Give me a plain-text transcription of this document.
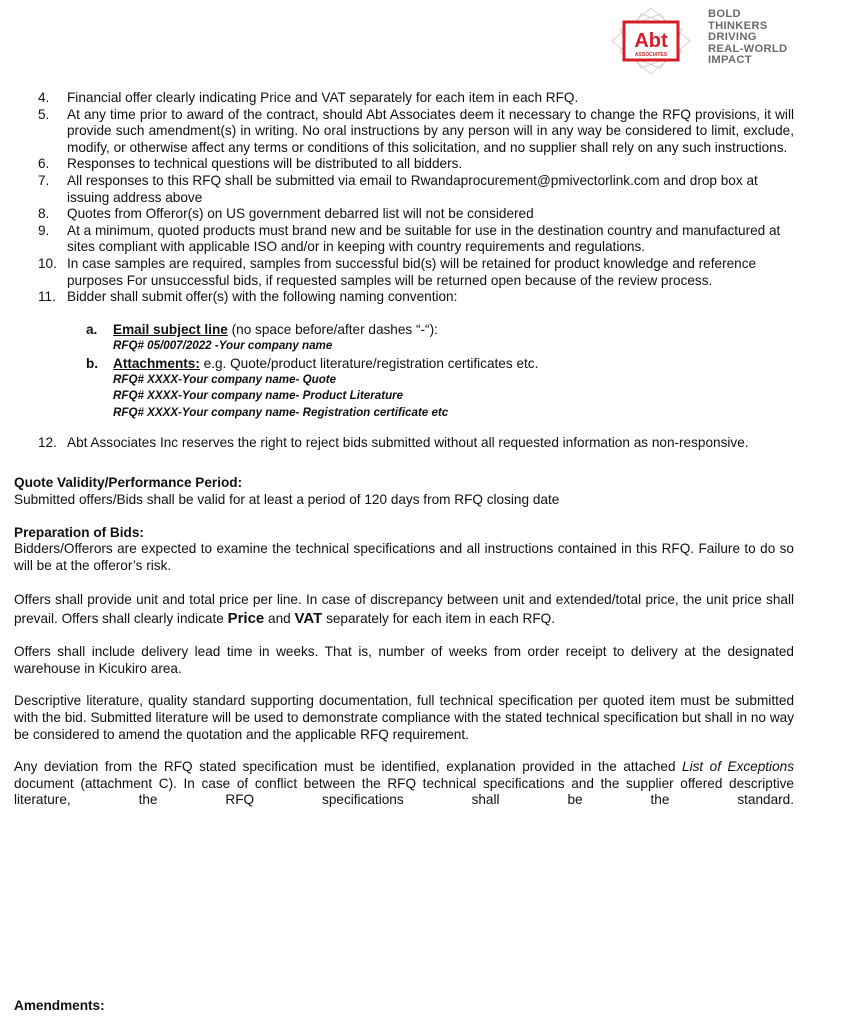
Abt
ASSOCIATES
BOLD
THINKERS
DRIVING
REAL-WORLD
IMPACT
4. Financial offer clearly indicating Price and VAT separately for each item in each RFQ.
5. At any time prior to award of the contract, should Abt Associates deem it necessary to change the RFQ provisions, it will provide such amendment(s) in writing. No oral instructions by any person will in any way be considered to limit, exclude, modify, or otherwise affect any terms or conditions of this solicitation, and no supplier shall rely on any such instructions.
6. Responses to technical questions will be distributed to all bidders.
7. All responses to this RFQ shall be submitted via email to Rwandaprocurement@pmivectorlink.com and drop box at issuing address above
8. Quotes from Offeror(s) on US government debarred list will not be considered
9. At a minimum, quoted products must brand new and be suitable for use in the destination country and manufactured at sites compliant with applicable ISO and/or in keeping with country requirements and regulations.
10. In case samples are required, samples from successful bid(s) will be retained for product knowledge and reference purposes For unsuccessful bids, if requested samples will be returned open because of the review process.
11. Bidder shall submit offer(s) with the following naming convention:
a. Email subject line (no space before/after dashes “-“):
RFQ# 05/007/2022 -Your company name
b. Attachments: e.g. Quote/product literature/registration certificates etc.
RFQ# XXXX-Your company name- Quote
RFQ# XXXX-Your company name- Product Literature
RFQ# XXXX-Your company name- Registration certificate etc
12. Abt Associates Inc reserves the right to reject bids submitted without all requested information as non-responsive.
Quote Validity/Performance Period:
Submitted offers/Bids shall be valid for at least a period of 120 days from RFQ closing date
Preparation of Bids:
Bidders/Offerors are expected to examine the technical specifications and all instructions contained in this RFQ. Failure to do so will be at the offeror’s risk.
Offers shall provide unit and total price per line. In case of discrepancy between unit and extended/total price, the unit price shall prevail. Offers shall clearly indicate Price and VAT separately for each item in each RFQ.
Offers shall include delivery lead time in weeks. That is, number of weeks from order receipt to delivery at the designated warehouse in Kicukiro area.
Descriptive literature, quality standard supporting documentation, full technical specification per quoted item must be submitted with the bid. Submitted literature will be used to demonstrate compliance with the stated technical specification but shall in no way be considered to amend the quotation and the applicable RFQ requirement.
Any deviation from the RFQ stated specification must be identified, explanation provided in the attached List of Exceptions document (attachment C). In case of conflict between the RFQ technical specifications and the supplier offered descriptive literature, the RFQ specifications shall be the standard.
Amendments:
